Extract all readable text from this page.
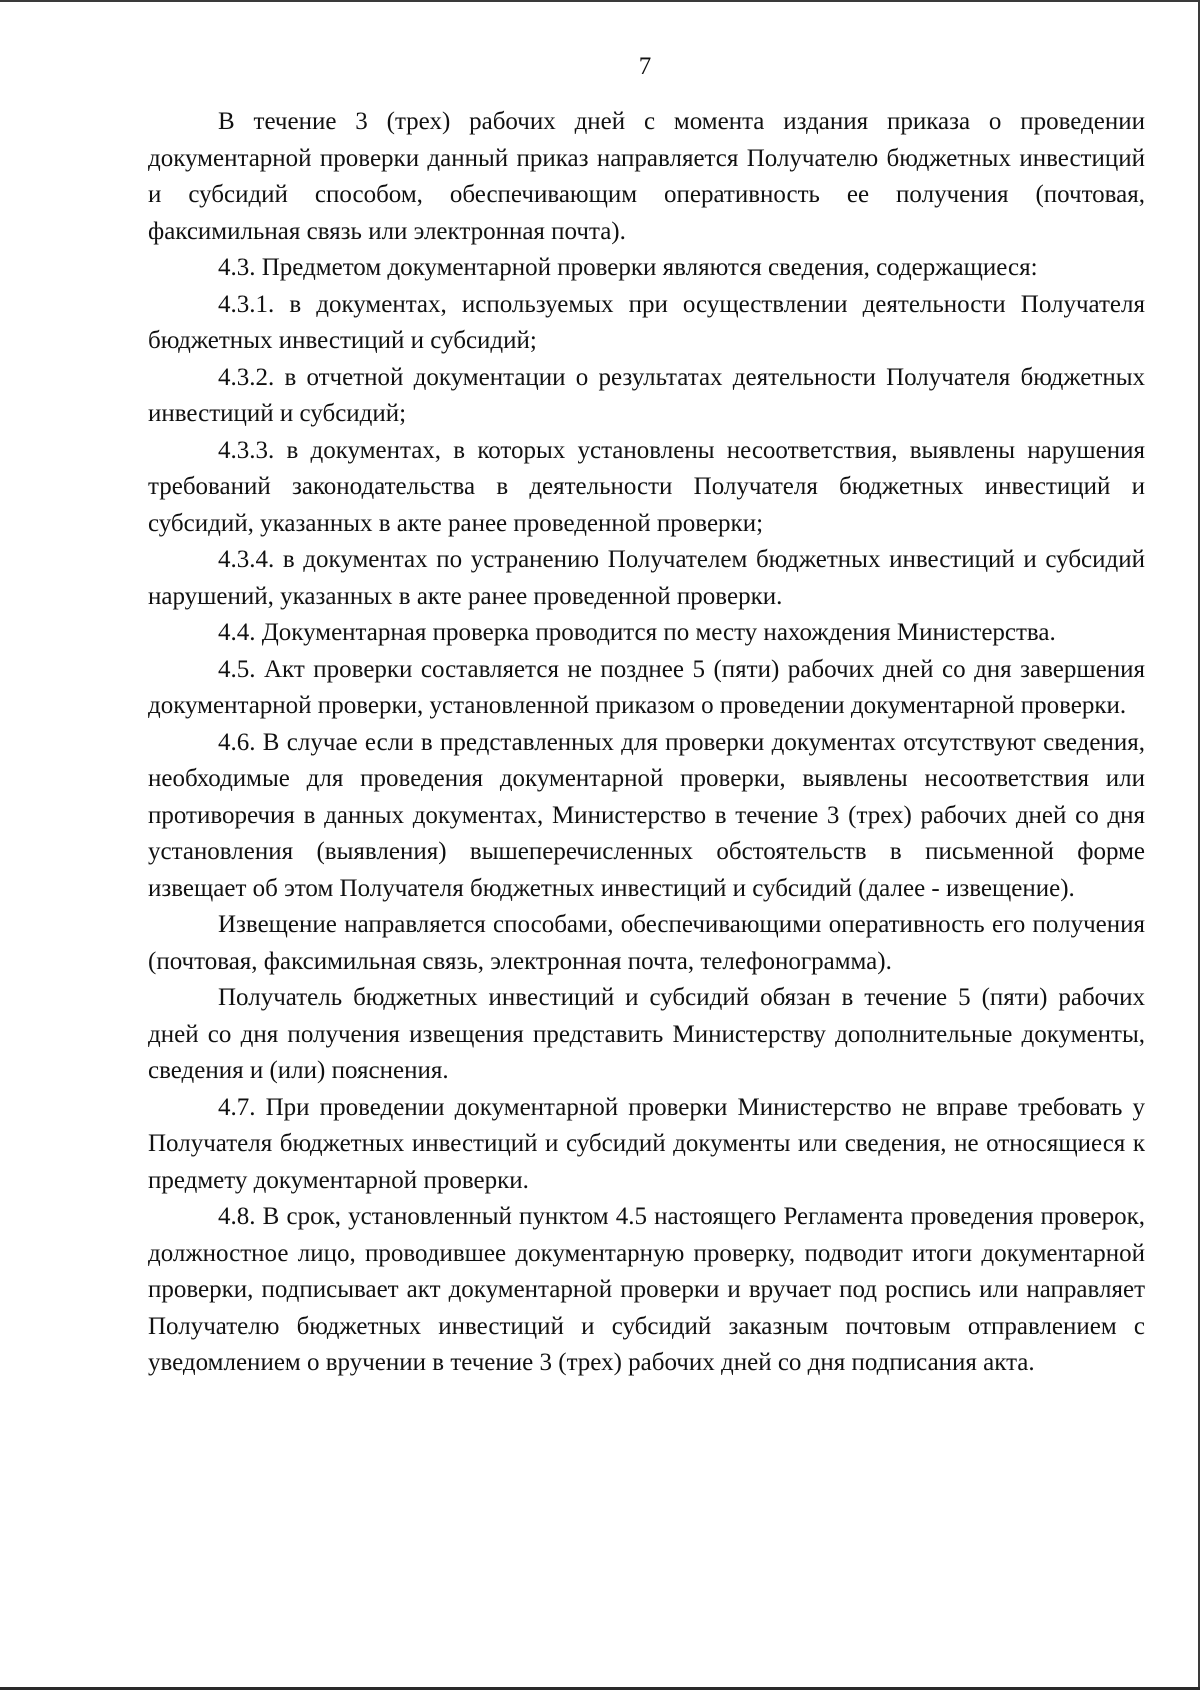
7

В течение 3 (трех) рабочих дней с момента издания приказа о проведении документарной проверки данный приказ направляется Получателю бюджетных инвестиций и субсидий способом, обеспечивающим оперативность ее получения (почтовая, факсимильная связь или электронная почта).

4.3. Предметом документарной проверки являются сведения, содержащиеся:

4.3.1. в документах, используемых при осуществлении деятельности Получателя бюджетных инвестиций и субсидий;

4.3.2. в отчетной документации о результатах деятельности Получателя бюджетных инвестиций и субсидий;

4.3.3. в документах, в которых установлены несоответствия, выявлены нарушения требований законодательства в деятельности Получателя бюджетных инвестиций и субсидий, указанных в акте ранее проведенной проверки;

4.3.4. в документах по устранению Получателем бюджетных инвестиций и субсидий нарушений, указанных в акте ранее проведенной проверки.

4.4. Документарная проверка проводится по месту нахождения Министерства.

4.5. Акт проверки составляется не позднее 5 (пяти) рабочих дней со дня завершения документарной проверки, установленной приказом о проведении документарной проверки.

4.6. В случае если в представленных для проверки документах отсутствуют сведения, необходимые для проведения документарной проверки, выявлены несоответствия или противоречия в данных документах, Министерство в течение 3 (трех) рабочих дней со дня установления (выявления) вышеперечисленных обстоятельств в письменной форме извещает об этом Получателя бюджетных инвестиций и субсидий (далее - извещение).

Извещение направляется способами, обеспечивающими оперативность его получения (почтовая, факсимильная связь, электронная почта, телефонограмма).

Получатель бюджетных инвестиций и субсидий обязан в течение 5 (пяти) рабочих дней со дня получения извещения представить Министерству дополнительные документы, сведения и (или) пояснения.

4.7. При проведении документарной проверки Министерство не вправе требовать у Получателя бюджетных инвестиций и субсидий документы или сведения, не относящиеся к предмету документарной проверки.

4.8. В срок, установленный пунктом 4.5 настоящего Регламента проведения проверок, должностное лицо, проводившее документарную проверку, подводит итоги документарной проверки, подписывает акт документарной проверки и вручает под роспись или направляет Получателю бюджетных инвестиций и субсидий заказным почтовым отправлением с уведомлением о вручении в течение 3 (трех) рабочих дней со дня подписания акта.
